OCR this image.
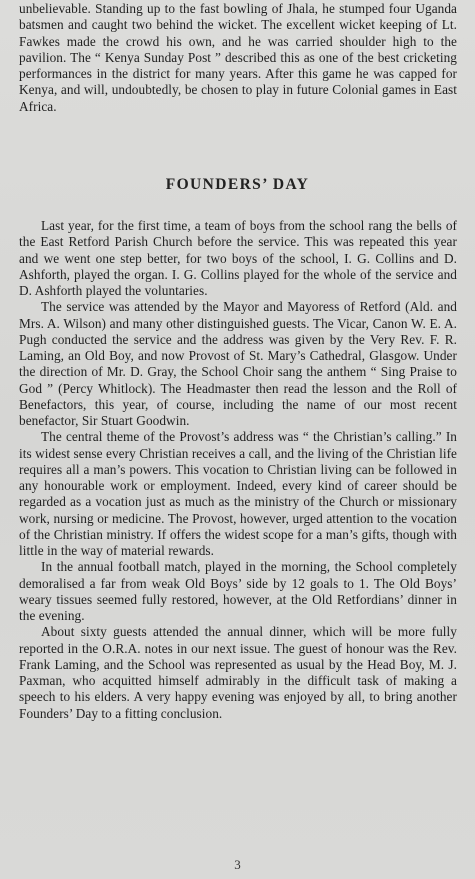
unbelievable. Standing up to the fast bowling of Jhala, he stumped four Uganda batsmen and caught two behind the wicket. The excellent wicket keeping of Lt. Fawkes made the crowd his own, and he was carried shoulder high to the pavilion. The “ Kenya Sunday Post ” described this as one of the best cricketing performances in the district for many years. After this game he was capped for Kenya, and will, undoubtedly, be chosen to play in future Colonial games in East Africa.

FOUNDERS’ DAY

Last year, for the first time, a team of boys from the school rang the bells of the East Retford Parish Church before the service. This was repeated this year and we went one step better, for two boys of the school, I. G. Collins and D. Ashforth, played the organ. I. G. Collins played for the whole of the service and D. Ashforth played the voluntaries.

The service was attended by the Mayor and Mayoress of Retford (Ald. and Mrs. A. Wilson) and many other distinguished guests. The Vicar, Canon W. E. A. Pugh conducted the service and the address was given by the Very Rev. F. R. Laming, an Old Boy, and now Provost of St. Mary’s Cathedral, Glasgow. Under the direction of Mr. D. Gray, the School Choir sang the anthem “ Sing Praise to God ” (Percy Whitlock). The Headmaster then read the lesson and the Roll of Benefactors, this year, of course, including the name of our most recent benefactor, Sir Stuart Goodwin.

The central theme of the Provost’s address was “ the Christian’s calling.” In its widest sense every Christian receives a call, and the living of the Christian life requires all a man’s powers. This vocation to Christian living can be followed in any honourable work or employment. Indeed, every kind of career should be regarded as a vocation just as much as the ministry of the Church or missionary work, nursing or medicine. The Provost, however, urged attention to the vocation of the Christian ministry. If offers the widest scope for a man’s gifts, though with little in the way of material rewards.

In the annual football match, played in the morning, the School completely demoralised a far from weak Old Boys’ side by 12 goals to 1. The Old Boys’ weary tissues seemed fully restored, however, at the Old Retfordians’ dinner in the evening.

About sixty guests attended the annual dinner, which will be more fully reported in the O.R.A. notes in our next issue. The guest of honour was the Rev. Frank Laming, and the School was represented as usual by the Head Boy, M. J. Paxman, who acquitted himself admirably in the difficult task of making a speech to his elders. A very happy evening was enjoyed by all, to bring another Founders’ Day to a fitting conclusion.

3
